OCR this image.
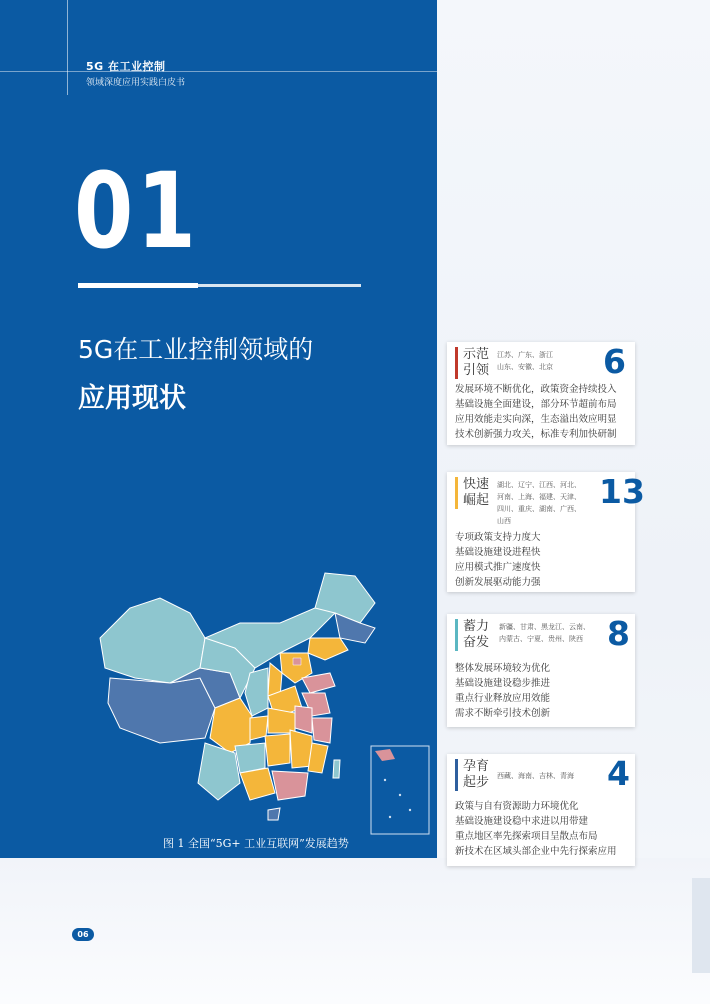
5G 在工业控制
领域深度应用实践白皮书
01
5G在工业控制领域的
应用现状
图 1 全国“5G+ 工业互联网”发展趋势
示范
引领
江苏、广东、浙江
山东、安徽、北京 6
发展环境不断优化，政策资金持续投入
基础设施全面建设，部分环节超前布局
应用效能走实向深，生态溢出效应明显
技术创新强力攻关，标准专利加快研制
快速
崛起
湖北、辽宁、江西、河北、
河南、上海、福建、天津、
四川、重庆、湖南、广西、
山西
13
专项政策支持力度大
基础设施建设进程快
应用模式推广速度快
创新发展驱动能力强
蓄力
奋发
新疆、甘肃、黑龙江、云南、
内蒙古、宁夏、贵州、陕西 8
整体发展环境较为优化
基础设施建设稳步推进
重点行业释放应用效能
需求不断牵引技术创新
孕育
起步 西藏、海南、吉林、青海 4
政策与自有资源助力环境优化
基础设施建设稳中求进以用带建
重点地区率先探索项目呈散点布局
新技术在区域头部企业中先行探索应用
06
